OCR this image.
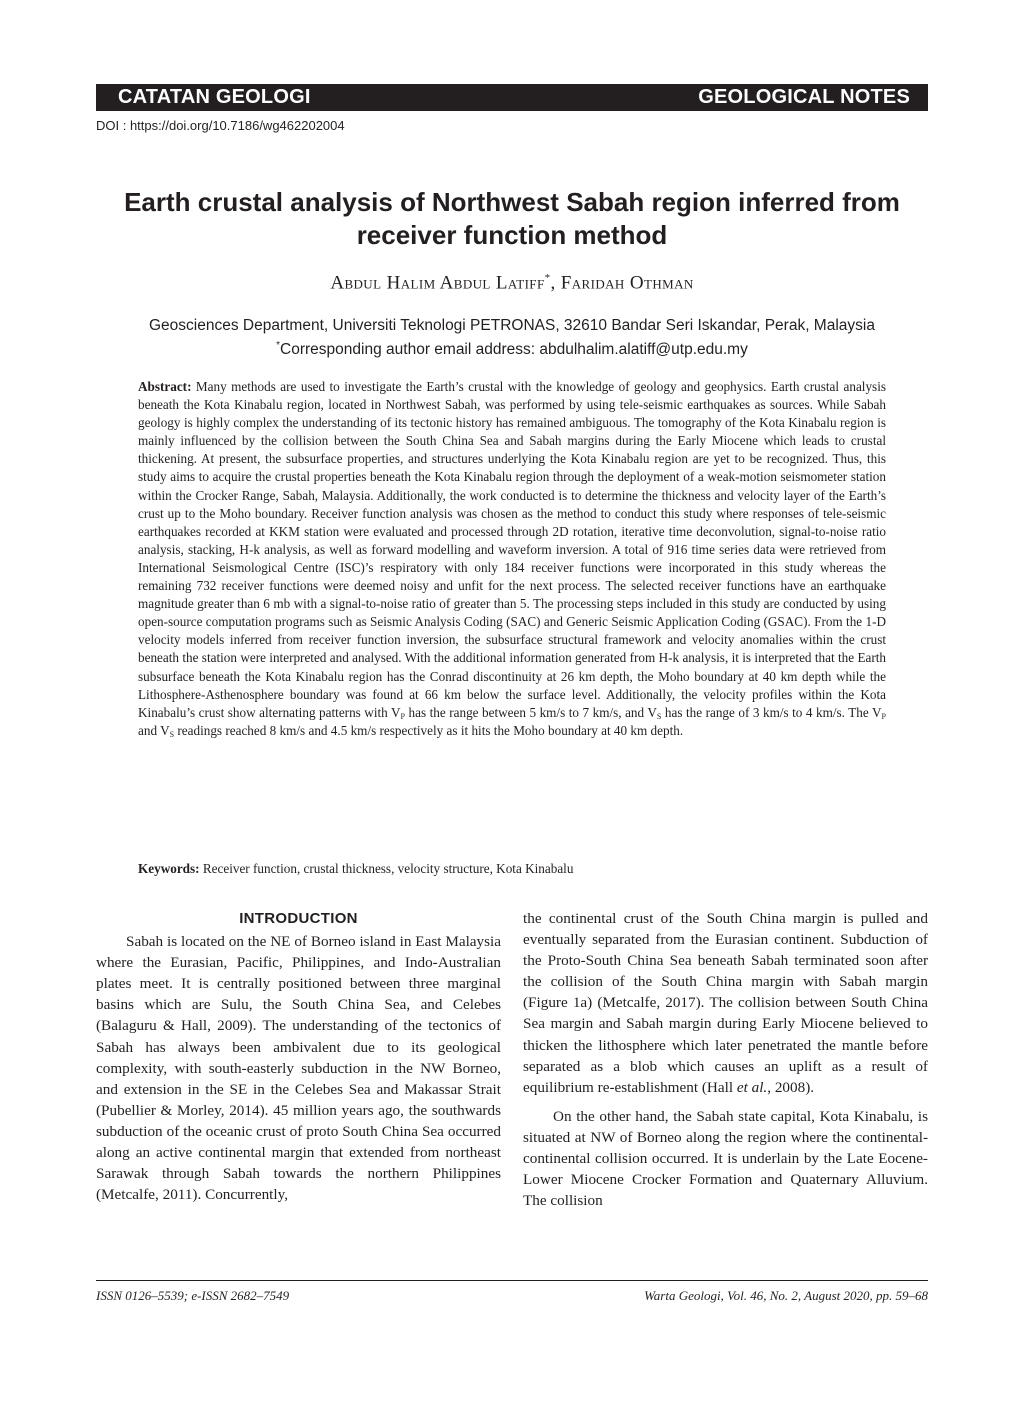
CATATAN GEOLOGI	GEOLOGICAL NOTES
DOI : https://doi.org/10.7186/wg462202004
Earth crustal analysis of Northwest Sabah region inferred from receiver function method
Abdul Halim Abdul Latiff*, Faridah Othman
Geosciences Department, Universiti Teknologi PETRONAS, 32610 Bandar Seri Iskandar, Perak, Malaysia
*Corresponding author email address: abdulhalim.alatiff@utp.edu.my

Abstract: Many methods are used to investigate the Earth’s crustal with the knowledge of geology and geophysics. Earth crustal analysis beneath the Kota Kinabalu region, located in Northwest Sabah, was performed by using tele-seismic earthquakes as sources. While Sabah geology is highly complex the understanding of its tectonic history has remained ambiguous. The tomography of the Kota Kinabalu region is mainly influenced by the collision between the South China Sea and Sabah margins during the Early Miocene which leads to crustal thickening. At present, the subsurface properties, and structures underlying the Kota Kinabalu region are yet to be recognized. Thus, this study aims to acquire the crustal properties beneath the Kota Kinabalu region through the deployment of a weak-motion seismometer station within the Crocker Range, Sabah, Malaysia. Additionally, the work conducted is to determine the thickness and velocity layer of the Earth’s crust up to the Moho boundary. Receiver function analysis was chosen as the method to conduct this study where responses of tele-seismic earthquakes recorded at KKM station were evaluated and processed through 2D rotation, iterative time deconvolution, signal-to-noise ratio analysis, stacking, H-k analysis, as well as forward modelling and waveform inversion. A total of 916 time series data were retrieved from International Seismological Centre (ISC)’s respiratory with only 184 receiver functions were incorporated in this study whereas the remaining 732 receiver functions were deemed noisy and unfit for the next process. The selected receiver functions have an earthquake magnitude greater than 6 mb with a signal-to-noise ratio of greater than 5. The processing steps included in this study are conducted by using open-source computation programs such as Seismic Analysis Coding (SAC) and Generic Seismic Application Coding (GSAC). From the 1-D velocity models inferred from receiver function inversion, the subsurface structural framework and velocity anomalies within the crust beneath the station were interpreted and analysed. With the additional information generated from H-k analysis, it is interpreted that the Earth subsurface beneath the Kota Kinabalu region has the Conrad discontinuity at 26 km depth, the Moho boundary at 40 km depth while the Lithosphere-Asthenosphere boundary was found at 66 km below the surface level. Additionally, the velocity profiles within the Kota Kinabalu’s crust show alternating patterns with $V_P$ has the range between 5 km/s to 7 km/s, and $V_S$ has the range of 3 km/s to 4 km/s. The $V_P$ and $V_S$ readings reached 8 km/s and 4.5 km/s respectively as it hits the Moho boundary at 40 km depth.

Keywords: Receiver function, crustal thickness, velocity structure, Kota Kinabalu

INTRODUCTION

Sabah is located on the NE of Borneo island in East Malaysia where the Eurasian, Pacific, Philippines, and Indo-Australian plates meet. It is centrally positioned between three marginal basins which are Sulu, the South China Sea, and Celebes (Balaguru & Hall, 2009). The understanding of the tectonics of Sabah has always been ambivalent due to its geological complexity, with south-easterly subduction in the NW Borneo, and extension in the SE in the Celebes Sea and Makassar Strait (Pubellier & Morley, 2014). 45 million years ago, the southwards subduction of the oceanic crust of proto South China Sea occurred along an active continental margin that extended from northeast Sarawak through Sabah towards the northern Philippines (Metcalfe, 2011). Concurrently,

the continental crust of the South China margin is pulled and eventually separated from the Eurasian continent. Subduction of the Proto-South China Sea beneath Sabah terminated soon after the collision of the South China margin with Sabah margin (Figure 1a) (Metcalfe, 2017). The collision between South China Sea margin and Sabah margin during Early Miocene believed to thicken the lithosphere which later penetrated the mantle before separated as a blob which causes an uplift as a result of equilibrium re-establishment (Hall et al., 2008).

On the other hand, the Sabah state capital, Kota Kinabalu, is situated at NW of Borneo along the region where the continental-continental collision occurred. It is underlain by the Late Eocene-Lower Miocene Crocker Formation and Quaternary Alluvium. The collision

ISSN 0126–5539; e-ISSN 2682–7549	Warta Geologi, Vol. 46, No. 2, August 2020, pp. 59–68
